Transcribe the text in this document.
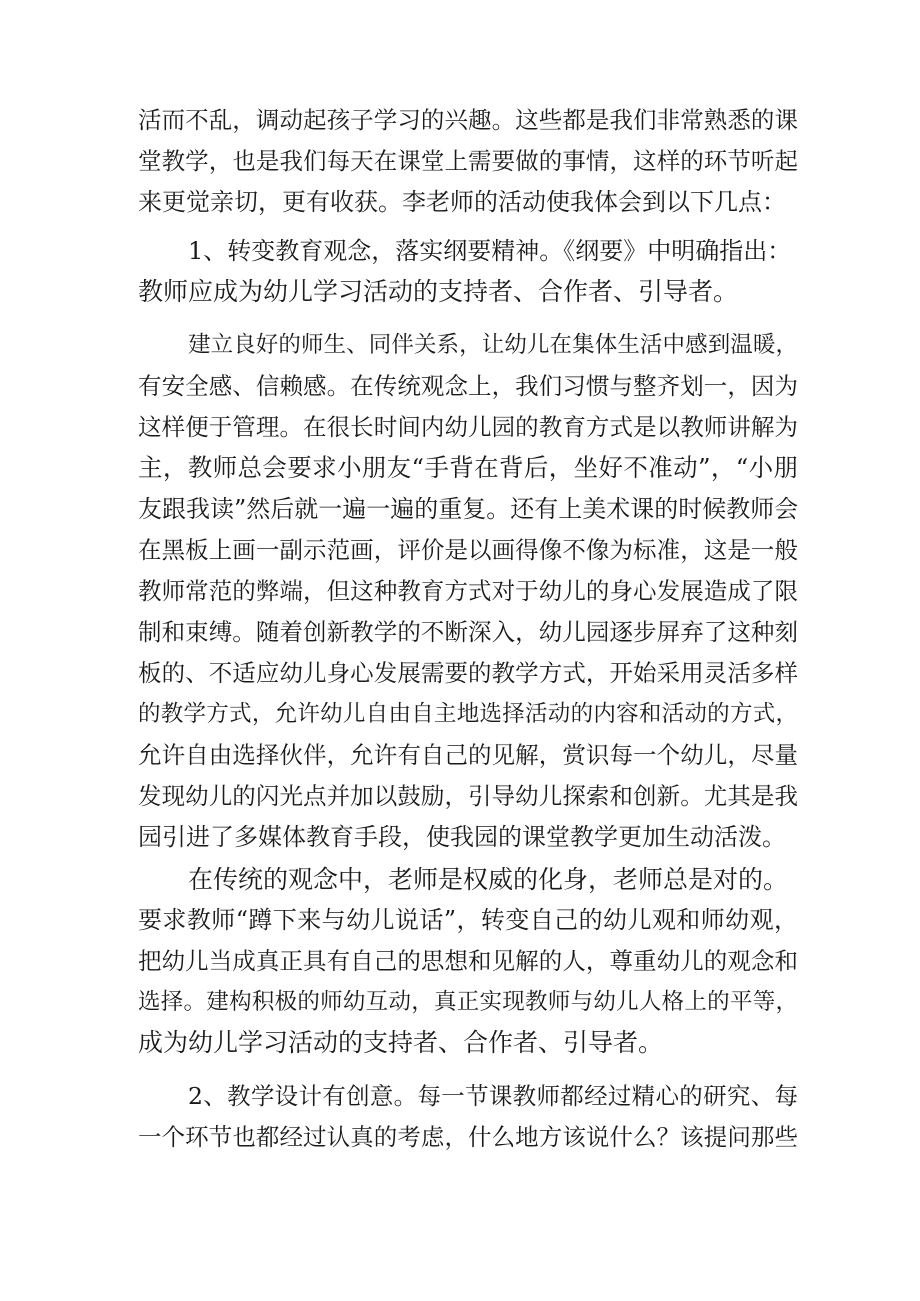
活而不乱，调动起孩子学习的兴趣。这些都是我们非常熟悉的课
堂教学，也是我们每天在课堂上需要做的事情，这样的环节听起
来更觉亲切，更有收获。李老师的活动使我体会到以下几点：
1、转变教育观念，落实纲要精神。《纲要》中明确指出：
教师应成为幼儿学习活动的支持者、合作者、引导者。
建立良好的师生、同伴关系，让幼儿在集体生活中感到温暖，
有安全感、信赖感。在传统观念上，我们习惯与整齐划一，因为
这样便于管理。在很长时间内幼儿园的教育方式是以教师讲解为
主，教师总会要求小朋友“手背在背后，坐好不准动”，“小朋
友跟我读”然后就一遍一遍的重复。还有上美术课的时候教师会
在黑板上画一副示范画，评价是以画得像不像为标准，这是一般
教师常范的弊端，但这种教育方式对于幼儿的身心发展造成了限
制和束缚。随着创新教学的不断深入，幼儿园逐步屏弃了这种刻
板的、不适应幼儿身心发展需要的教学方式，开始采用灵活多样
的教学方式，允许幼儿自由自主地选择活动的内容和活动的方式，
允许自由选择伙伴，允许有自己的见解，赏识每一个幼儿，尽量
发现幼儿的闪光点并加以鼓励，引导幼儿探索和创新。尤其是我
园引进了多媒体教育手段，使我园的课堂教学更加生动活泼。
在传统的观念中，老师是权威的化身，老师总是对的。
要求教师“蹲下来与幼儿说话”，转变自己的幼儿观和师幼观，
把幼儿当成真正具有自己的思想和见解的人，尊重幼儿的观念和
选择。建构积极的师幼互动，真正实现教师与幼儿人格上的平等，
成为幼儿学习活动的支持者、合作者、引导者。
2、教学设计有创意。每一节课教师都经过精心的研究、每
一个环节也都经过认真的考虑，什么地方该说什么？该提问那些
